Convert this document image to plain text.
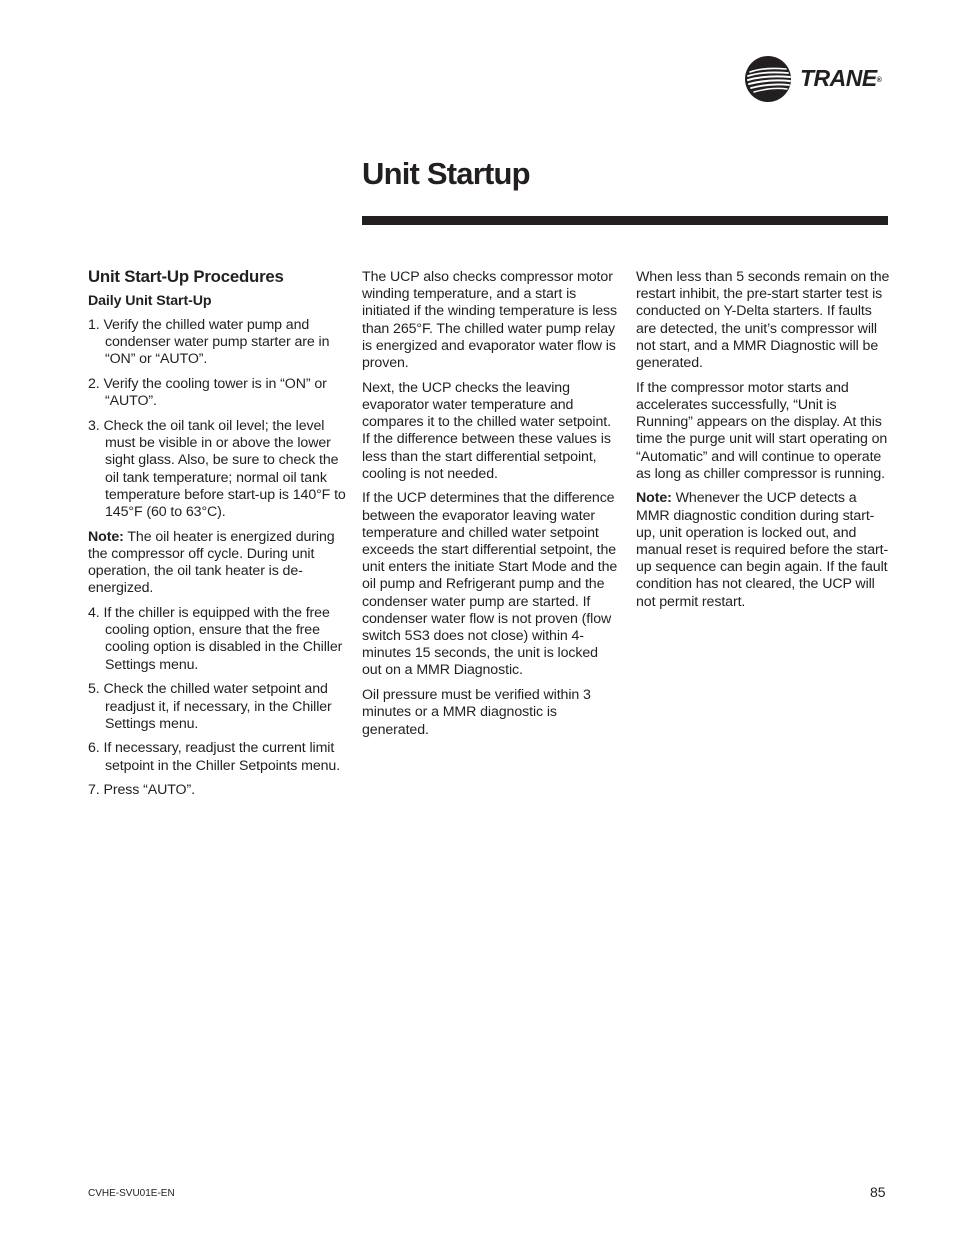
TRANE®
Unit Startup
Unit Start-Up Procedures
Daily Unit Start-Up
1. Verify the chilled water pump and condenser water pump starter are in “ON” or “AUTO”.
2. Verify the cooling tower is in “ON” or “AUTO”.
3. Check the oil tank oil level; the level must be visible in or above the lower sight glass. Also, be sure to check the oil tank temperature; normal oil tank temperature before start-up is 140°F to 145°F (60 to 63°C).

Note: The oil heater is energized during the compressor off cycle. During unit operation, the oil tank heater is de-energized.

4. If the chiller is equipped with the free cooling option, ensure that the free cooling option is disabled in the Chiller Settings menu.
5. Check the chilled water setpoint and readjust it, if necessary, in the Chiller Settings menu.
6. If necessary, readjust the current limit setpoint in the Chiller Setpoints menu.
7. Press “AUTO”.

The UCP also checks compressor motor winding temperature, and a start is initiated if the winding temperature is less than 265°F. The chilled water pump relay is energized and evaporator water flow is proven.

Next, the UCP checks the leaving evaporator water temperature and compares it to the chilled water setpoint. If the difference between these values is less than the start differential setpoint, cooling is not needed.

If the UCP determines that the difference between the evaporator leaving water temperature and chilled water setpoint exceeds the start differential setpoint, the unit enters the initiate Start Mode and the oil pump and Refrigerant pump and the condenser water pump are started. If condenser water flow is not proven (flow switch 5S3 does not close) within 4-minutes 15 seconds, the unit is locked out on a MMR Diagnostic.

Oil pressure must be verified within 3 minutes or a MMR diagnostic is generated.

When less than 5 seconds remain on the restart inhibit, the pre-start starter test is conducted on Y-Delta starters. If faults are detected, the unit’s compressor will not start, and a MMR Diagnostic will be generated.

If the compressor motor starts and accelerates successfully, “Unit is Running” appears on the display. At this time the purge unit will start operating on “Automatic” and will continue to operate as long as chiller compressor is running.

Note: Whenever the UCP detects a MMR diagnostic condition during start-up, unit operation is locked out, and manual reset is required before the start-up sequence can begin again. If the fault condition has not cleared, the UCP will not permit restart.

CVHE-SVU01E-EN	85
